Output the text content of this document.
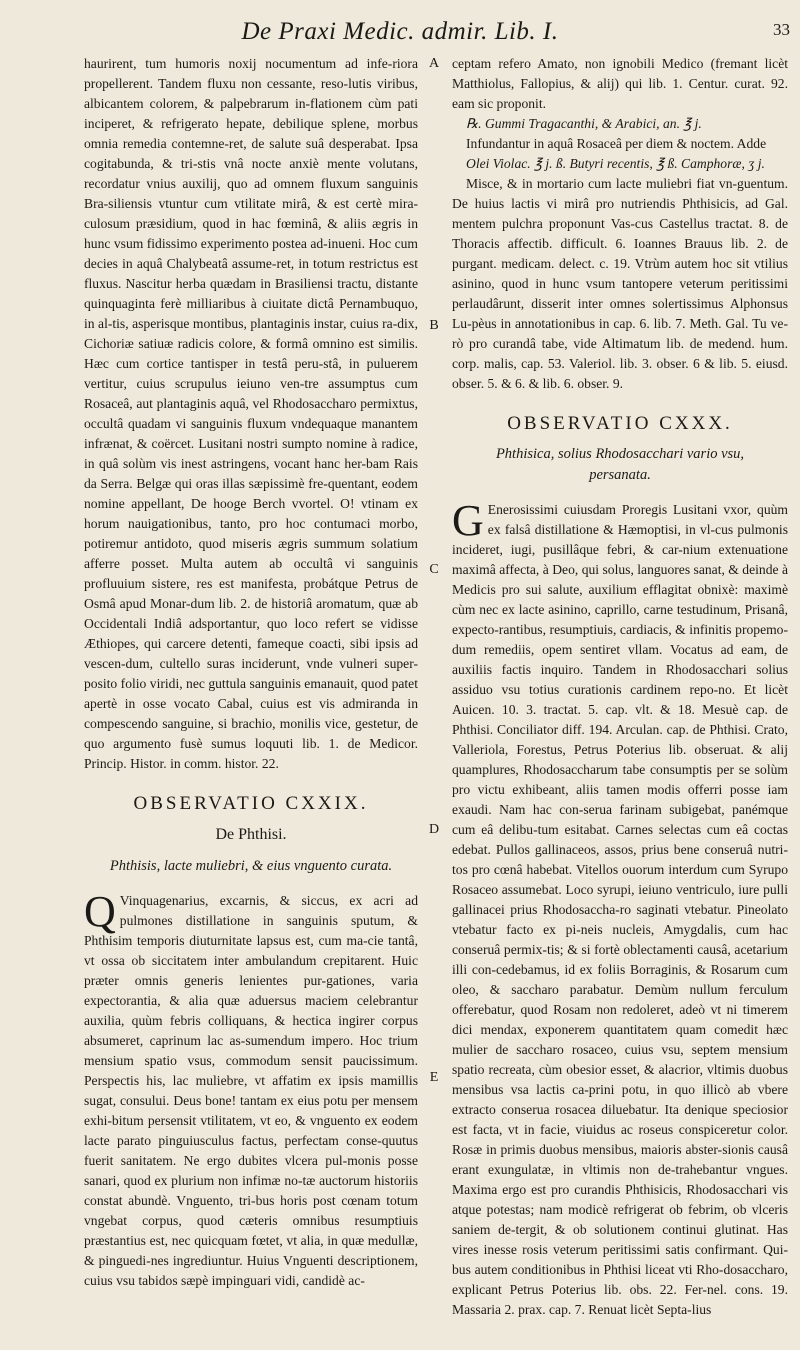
De Praxi Medic. admir. Lib. I.	33
A
B
C
D
E

haurirent, tum humoris noxij nocumentum ad infe-riora propellerent. Tandem fluxu non cessante, reso-lutis viribus, albicantem colorem, & palpebrarum in-flationem cùm pati inciperet, & refrigerato hepate, debilique splene, morbus omnia remedia contemne-ret, de salute suâ desperabat. Ipsa cogitabunda, & tri-stis vnâ nocte anxiè mente volutans, recordatur vnius auxilij, quo ad omnem fluxum sanguinis Bra-siliensis vtuntur cum vtilitate mirâ, & est certè mira-culosum præsidium, quod in hac fœminâ, & aliis ægris in hunc vsum fidissimo experimento postea ad-inueni. Hoc cum decies in aquâ Chalybeatâ assume-ret, in totum restrictus est fluxus. Nascitur herba quædam in Brasiliensi tractu, distante quinquaginta ferè milliaribus à ciuitate dictâ Pernambuquo, in al-tis, asperisque montibus, plantaginis instar, cuius ra-dix, Cichoriæ satiuæ radicis colore, & formâ omnino est similis. Hæc cum cortice tantisper in testâ peru-stâ, in puluerem vertitur, cuius scrupulus ieiuno ven-tre assumptus cum Rosaceâ, aut plantaginis aquâ, vel Rhodosaccharo permixtus, occultâ quadam vi sanguinis fluxum vndequaque manantem infrænat, & coërcet. Lusitani nostri sumpto nomine à radice, in quâ solùm vis inest astringens, vocant hanc her-bam Rais da Serra. Belgæ qui oras illas sæpissimè fre-quentant, eodem nomine appellant, De hooge Berch vvortel. O! vtinam ex horum nauigationibus, tanto, pro hoc contumaci morbo, potiremur antidoto, quod miseris ægris summum solatium afferre posset. Multa autem ab occultâ vi sanguinis profluuium sistere, res est manifesta, probátque Petrus de Osmâ apud Monar-dum lib. 2. de historiâ aromatum, quæ ab Occidentali Indiâ adsportantur, quo loco refert se vidisse Æthiopes, qui carcere detenti, fameque coacti, sibi ipsis ad vescen-dum, cultello suras inciderunt, vnde vulneri super-posito folio viridi, nec guttula sanguinis emanauit, quod patet apertè in osse vocato Cabal, cuius est vis admiranda in compescendo sanguine, si brachio, monilis vice, gestetur, de quo argumento fusè sumus loquuti lib. 1. de Medicor. Princip. Histor. in comm. histor. 22.

OBSERVATIO CXXIX.
De Phthisi.
Phthisis, lacte muliebri, & eius vnguento curata.

Q Vinquagenarius, excarnis, & siccus, ex acri ad pulmones distillatione in sanguinis sputum, & Phthisim temporis diuturnitate lapsus est, cum ma-cie tantâ, vt ossa ob siccitatem inter ambulandum crepitarent. Huic præter omnis generis lenientes pur-gationes, varia expectorantia, & alia quæ aduersus maciem celebrantur auxilia, quùm febris colliquans, & hectica ingirer corpus absumeret, caprinum lac as-sumendum impero. Hoc trium mensium spatio vsus, commodum sensit paucissimum. Perspectis his, lac muliebre, vt affatim ex ipsis mamillis sugat, consului. Deus bone! tantam ex eius potu per mensem exhi-bitum persensit vtilitatem, vt eo, & vnguento ex eodem lacte parato pinguiusculus factus, perfectam conse-quutus fuerit sanitatem. Ne ergo dubites vlcera pul-monis posse sanari, quod ex plurium non infimæ no-tæ auctorum historiis constat abundè. Vnguento, tri-bus horis post cœnam totum vngebat corpus, quod cæteris omnibus resumptiuis præstantius est, nec quicquam fœtet, vt alia, in quæ medullæ, & pinguedi-nes ingrediuntur. Huius Vnguenti descriptionem, cuius vsu tabidos sæpè impinguari vidi, candidè ac-

ceptam refero Amato, non ignobili Medico (fremant licèt Matthiolus, Fallopius, & alij) qui lib. 1. Centur. curat. 92. eam sic proponit.

℞. Gummi Tragacanthi, & Arabici, an. ℥ j.

Infundantur in aquâ Rosaceâ per diem & noctem. Adde

Olei Violac. ℥ j. ß. Butyri recentis, ℥ ß. Camphoræ, ʒ j.

Misce, & in mortario cum lacte muliebri fiat vn-guentum. De huius lactis vi mirâ pro nutriendis Phthisicis, ad Gal. mentem pulchra proponunt Vas-cus Castellus tractat. 8. de Thoracis affectib. difficult. 6. Ioannes Brauus lib. 2. de purgant. medicam. delect. c. 19. Vtrùm autem hoc sit vtilius asinino, quod in hunc vsum tantopere veterum peritissimi perlaudârunt, disserit inter omnes solertissimus Alphonsus Lu-pèus in annotationibus in cap. 6. lib. 7. Meth. Gal. Tu ve-rò pro curandâ tabe, vide Altimatum lib. de medend. hum. corp. malis, cap. 53. Valeriol. lib. 3. obser. 6 & lib. 5. eiusd. obser. 5. & 6. & lib. 6. obser. 9.

OBSERVATIO CXXX.
Phthisica, solius Rhodosacchari vario vsu, persanata.

G Enerosissimi cuiusdam Proregis Lusitani vxor, quùm ex falsâ distillatione & Hæmoptisi, in vl-cus pulmonis incideret, iugi, pusillâque febri, & car-nium extenuatione maximâ affecta, à Deo, qui solus, languores sanat, & deinde à Medicis pro sui salute, auxilium efflagitat obnixè: maximè cùm nec ex lacte asinino, caprillo, carne testudinum, Prisanâ, expecto-rantibus, resumptiuis, cardiacis, & infinitis propemo-dum remediis, opem sentiret vllam. Vocatus ad eam, de auxiliis factis inquiro. Tandem in Rhodosacchari solius assiduo vsu totius curationis cardinem repo-no. Et licèt Auicen. 10. 3. tractat. 5. cap. vlt. & 18. Mesuè cap. de Phthisi. Conciliator diff. 194. Arculan. cap. de Phthisi. Crato, Valleriola, Forestus, Petrus Poterius lib. obseruat. & alij quamplures, Rhodosaccharum tabe consumptis per se solùm pro victu exhibeant, aliis tamen modis offerri posse iam exaudi. Nam hac con-serua farinam subigebat, panémque cum eâ delibu-tum esitabat. Carnes selectas cum eâ coctas edebat. Pullos gallinaceos, assos, prius bene conseruâ nutri-tos pro cœnâ habebat. Vitellos ouorum interdum cum Syrupo Rosaceo assumebat. Loco syrupi, ieiuno ventriculo, iure pulli gallinacei prius Rhodosaccha-ro saginati vtebatur. Pineolato vtebatur facto ex pi-neis nucleis, Amygdalis, cum hac conseruâ permix-tis; & si fortè oblectamenti causâ, acetarium illi con-cedebamus, id ex foliis Borraginis, & Rosarum cum oleo, & saccharo parabatur. Demùm nullum ferculum offerebatur, quod Rosam non redoleret, adeò vt ni timerem dici mendax, exponerem quantitatem quam comedit hæc mulier de saccharo rosaceo, cuius vsu, septem mensium spatio recreata, cùm obesior esset, & alacrior, vltimis duobus mensibus vsa lactis ca-prini potu, in quo illicò ab vbere extracto conserua rosacea diluebatur. Ita denique speciosior est facta, vt in facie, viuidus ac roseus conspiceretur color. Rosæ in primis duobus mensibus, maioris abster-sionis causâ erant exungulatæ, in vltimis non de-trahebantur vngues. Maxima ergo est pro curandis Phthisicis, Rhodosacchari vis atque potestas; nam modicè refrigerat ob febrim, ob vlceris saniem de-tergit, & ob solutionem continui glutinat. Has vires inesse rosis veterum peritissimi satis confirmant. Qui-bus autem conditionibus in Phthisi liceat vti Rho-dosaccharo, explicant Petrus Poterius lib. obs. 22. Fer-nel. cons. 19. Massaria 2. prax. cap. 7. Renuat licèt Septa-lius
